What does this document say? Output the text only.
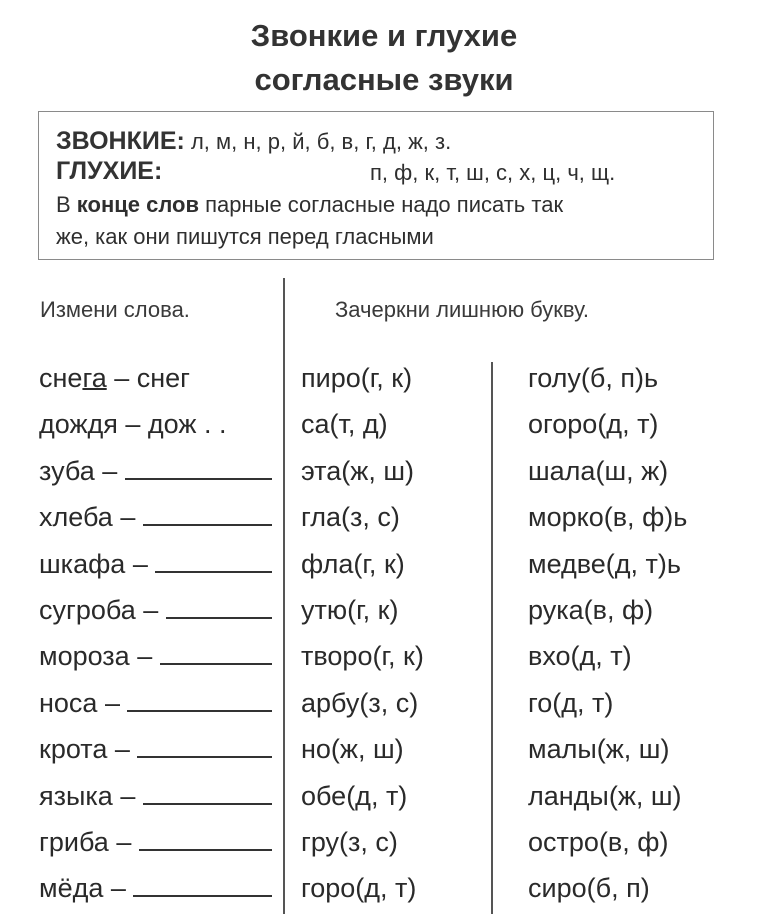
Звонкие и глухие
согласные звуки
ЗВОНКИЕ: л, м, н, р, й, б, в, г, д, ж, з.
ГЛУХИЕ:	п, ф, к, т, ш, с, х, ц, ч, щ.
В конце слов парные согласные надо писать так
же, как они пишутся перед гласными
Измени слова.	Зачеркни лишнюю букву.
снега – снег
дождя – дож . .
зуба –
хлеба –
шкафа –
сугроба –
мороза –
носа –
крота –
языка –
гриба –
мёда –
пиро(г, к)
са(т, д)
эта(ж, ш)
гла(з, с)
фла(г, к)
утю(г, к)
творо(г, к)
арбу(з, с)
но(ж, ш)
обе(д, т)
гру(з, с)
горо(д, т)
голу(б, п)ь
огоро(д, т)
шала(ш, ж)
морко(в, ф)ь
медве(д, т)ь
рука(в, ф)
вхо(д, т)
го(д, т)
малы(ж, ш)
ланды(ж, ш)
остро(в, ф)
сиро(б, п)
